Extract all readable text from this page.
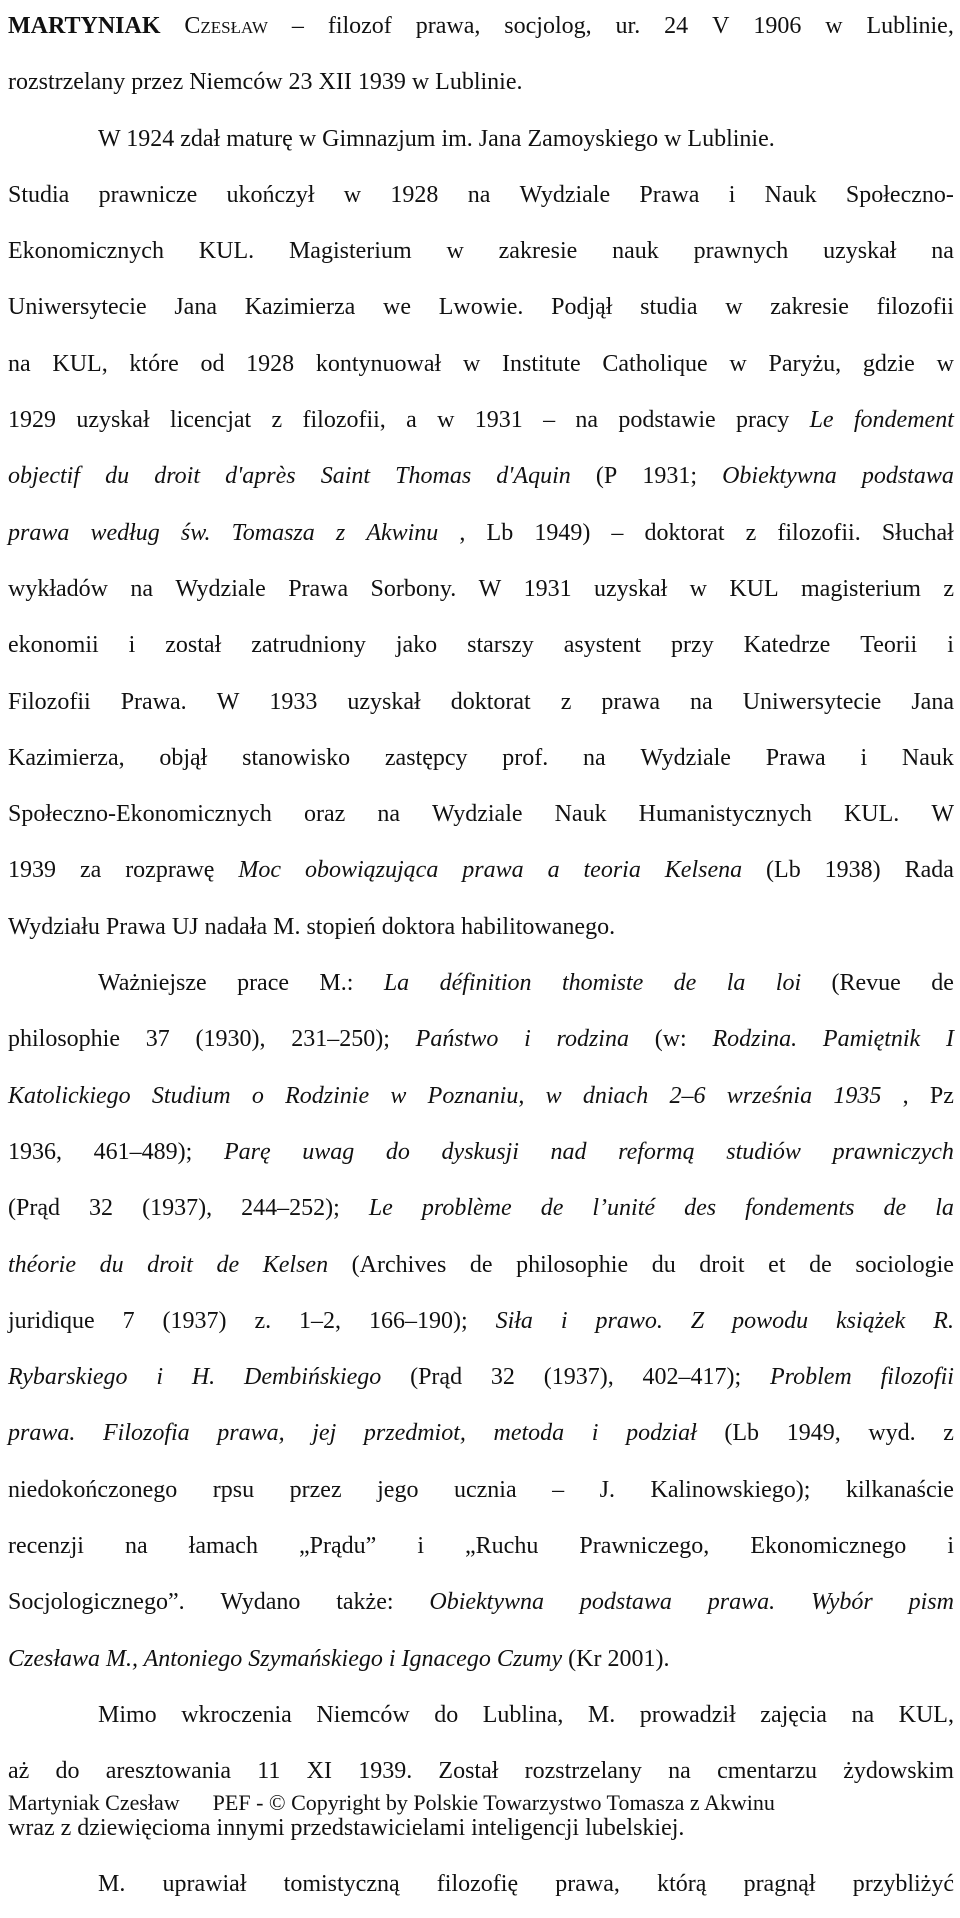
MARTYNIAK Czesław – filozof prawa, socjolog, ur. 24 V 1906 w Lublinie,
rozstrzelany przez Niemców 23 XII 1939 w Lublinie.
W 1924 zdał maturę w Gimnazjum im. Jana Zamoyskiego w Lublinie.
Studia prawnicze ukończył w 1928 na Wydziale Prawa i Nauk Społeczno-
Ekonomicznych KUL. Magisterium w zakresie nauk prawnych uzyskał na
Uniwersytecie Jana Kazimierza we Lwowie. Podjął studia w zakresie filozofii
na KUL, które od 1928 kontynuował w Institute Catholique w Paryżu, gdzie w
1929 uzyskał licencjat z filozofii, a w 1931 – na podstawie pracy Le fondement
objectif du droit d'après Saint Thomas d'Aquin (P 1931; Obiektywna podstawa
prawa według św. Tomasza z Akwinu , Lb 1949) – doktorat z filozofii. Słuchał
wykładów na Wydziale Prawa Sorbony. W 1931 uzyskał w KUL magisterium z
ekonomii i został zatrudniony jako starszy asystent przy Katedrze Teorii i
Filozofii Prawa. W 1933 uzyskał doktorat z prawa na Uniwersytecie Jana
Kazimierza, objął stanowisko zastępcy prof. na Wydziale Prawa i Nauk
Społeczno-Ekonomicznych oraz na Wydziale Nauk Humanistycznych KUL. W
1939 za rozprawę Moc obowiązująca prawa a teoria Kelsena (Lb 1938) Rada
Wydziału Prawa UJ nadała M. stopień doktora habilitowanego.
Ważniejsze prace M.: La définition thomiste de la loi (Revue de
philosophie 37 (1930), 231–250); Państwo i rodzina (w: Rodzina. Pamiętnik I
Katolickiego Studium o Rodzinie w Poznaniu, w dniach 2–6 września 1935 , Pz
1936, 461–489); Parę uwag do dyskusji nad reformą studiów prawniczych
(Prąd 32 (1937), 244–252); Le problème de l’unité des fondements de la
théorie du droit de Kelsen (Archives de philosophie du droit et de sociologie
juridique 7 (1937) z. 1–2, 166–190); Siła i prawo. Z powodu książek R.
Rybarskiego i H. Dembińskiego (Prąd 32 (1937), 402–417); Problem filozofii
prawa. Filozofia prawa, jej przedmiot, metoda i podział (Lb 1949, wyd. z
niedokończonego rpsu przez jego ucznia – J. Kalinowskiego); kilkanaście
recenzji na łamach „Prądu” i „Ruchu Prawniczego, Ekonomicznego i
Socjologicznego”. Wydano także: Obiektywna podstawa prawa. Wybór pism
Czesława M., Antoniego Szymańskiego i Ignacego Czumy (Kr 2001).
Mimo wkroczenia Niemców do Lublina, M. prowadził zajęcia na KUL,
aż do aresztowania 11 XI 1939. Został rozstrzelany na cmentarzu żydowskim
wraz z dziewięcioma innymi przedstawicielami inteligencji lubelskiej.
M. uprawiał tomistyczną filozofię prawa, którą pragnął przybliżyć
Martyniak Czesław PEF - © Copyright by Polskie Towarzystwo Tomasza z Akwinu
